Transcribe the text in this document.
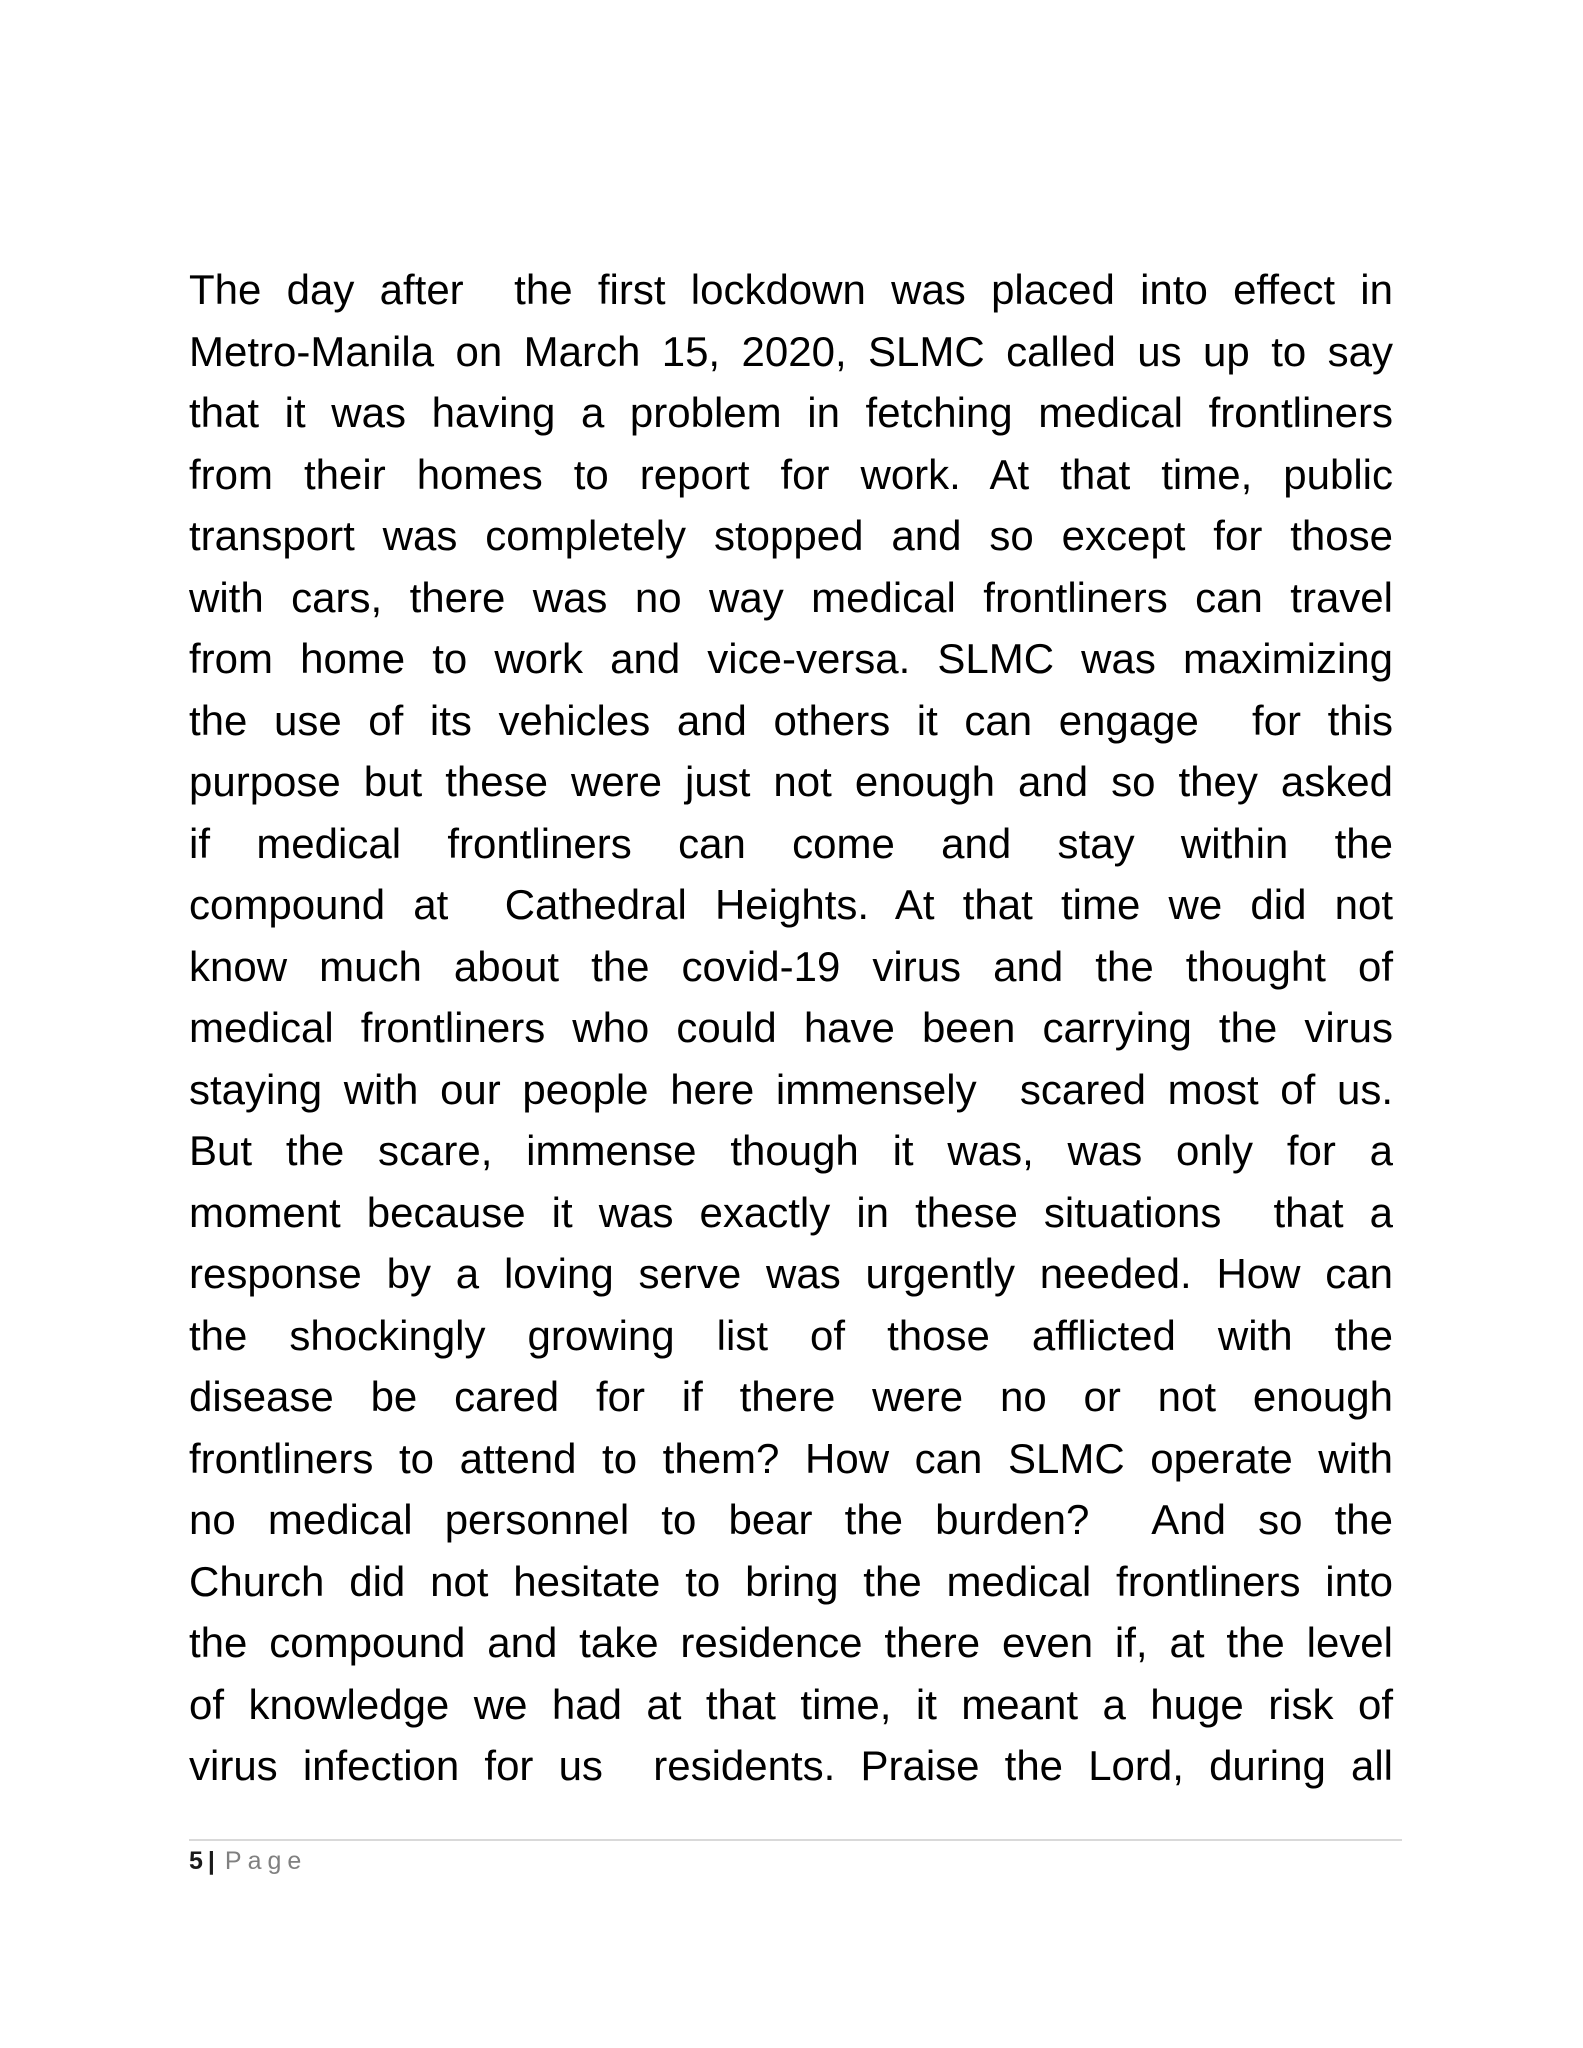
The day after  the first lockdown was placed into effect in
Metro-Manila on March 15, 2020, SLMC called us up to say
that it was having a problem in fetching medical frontliners
from their homes to report for work. At that time, public
transport was completely stopped and so except for those
with cars, there was no way medical frontliners can travel
from home to work and vice-versa. SLMC was maximizing
the use of its vehicles and others it can engage  for this
purpose but these were just not enough and so they asked
if medical frontliners can come and stay within the
compound at  Cathedral Heights. At that time we did not
know much about the covid-19 virus and the thought of
medical frontliners who could have been carrying the virus
staying with our people here immensely  scared most of us.
But the scare, immense though it was, was only for a
moment because it was exactly in these situations  that a
response by a loving serve was urgently needed. How can
the shockingly growing list of those afflicted with the
disease be cared for if there were no or not enough
frontliners to attend to them? How can SLMC operate with
no medical personnel to bear the burden?  And so the
Church did not hesitate to bring the medical frontliners into
the compound and take residence there even if, at the level
of knowledge we had at that time, it meant a huge risk of
virus infection for us  residents. Praise the Lord, during all
5 | Page
